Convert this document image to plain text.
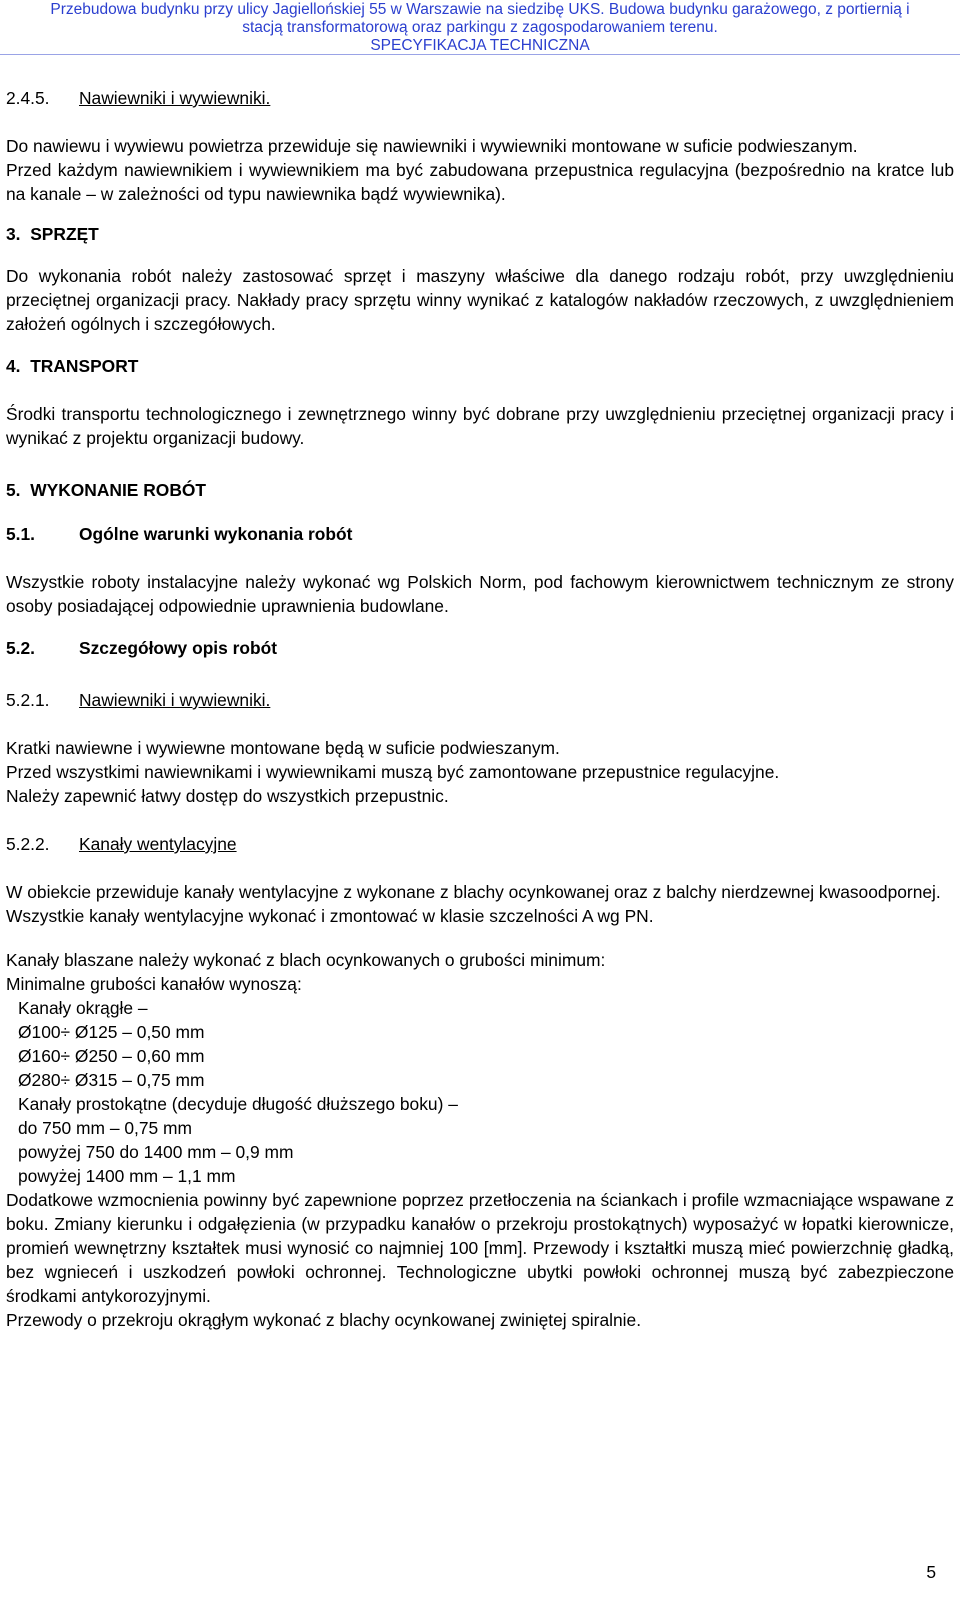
Przebudowa budynku przy ulicy Jagiellońskiej 55 w Warszawie na siedzibę UKS. Budowa budynku garażowego, z portiernią i
stacją transformatorową oraz parkingu z zagospodarowaniem terenu.
SPECYFIKACJA TECHNICZNA

2.4.5. Nawiewniki i wywiewniki.

Do nawiewu i wywiewu powietrza przewiduje się nawiewniki i wywiewniki montowane w suficie podwieszanym.

Przed każdym nawiewnikiem i wywiewnikiem ma być zabudowana przepustnica regulacyjna (bezpośrednio na kratce lub na kanale – w zależności od typu nawiewnika bądź wywiewnika).

3. SPRZĘT

Do wykonania robót należy zastosować sprzęt i maszyny właściwe dla danego rodzaju robót, przy uwzględnieniu przeciętnej organizacji pracy. Nakłady pracy sprzętu winny wynikać z katalogów nakładów rzeczowych, z uwzględnieniem założeń ogólnych i szczegółowych.

4. TRANSPORT

Środki transportu technologicznego i zewnętrznego winny być dobrane przy uwzględnieniu przeciętnej organizacji pracy i wynikać z projektu organizacji budowy.

5. WYKONANIE ROBÓT

5.1.	Ogólne warunki wykonania robót

Wszystkie roboty instalacyjne należy wykonać wg Polskich Norm, pod fachowym kierownictwem technicznym ze strony osoby posiadającej odpowiednie uprawnienia budowlane.

5.2.	Szczegółowy opis robót

5.2.1. Nawiewniki i wywiewniki.

Kratki nawiewne i wywiewne montowane będą w suficie podwieszanym.

Przed wszystkimi nawiewnikami i wywiewnikami muszą być zamontowane przepustnice regulacyjne.

Należy zapewnić łatwy dostęp do wszystkich przepustnic.

5.2.2. Kanały wentylacyjne

W obiekcie przewiduje kanały wentylacyjne z wykonane z blachy ocynkowanej oraz z balchy nierdzewnej kwasoodpornej.

Wszystkie kanały wentylacyjne wykonać i zmontować w klasie szczelności A wg PN.

Kanały blaszane należy wykonać z blach ocynkowanych o grubości minimum:

Minimalne grubości kanałów wynoszą:

Kanały okrągłe –

Ø100÷ Ø125 – 0,50 mm

Ø160÷ Ø250 – 0,60 mm

Ø280÷ Ø315 – 0,75 mm

Kanały prostokątne (decyduje długość dłuższego boku) –

do 750 mm – 0,75 mm

powyżej 750 do 1400 mm – 0,9 mm

powyżej 1400 mm – 1,1 mm

Dodatkowe wzmocnienia powinny być zapewnione poprzez przetłoczenia na ściankach i profile wzmacniające wspawane z boku. Zmiany kierunku i odgałęzienia (w przypadku kanałów o przekroju prostokątnych) wyposażyć w łopatki kierownicze, promień wewnętrzny kształtek musi wynosić co najmniej 100 [mm]. Przewody i kształtki muszą mieć powierzchnię gładką, bez wgnieceń i uszkodzeń powłoki ochronnej. Technologiczne ubytki powłoki ochronnej muszą być zabezpieczone środkami antykorozyjnymi.

Przewody o przekroju okrągłym wykonać z blachy ocynkowanej zwiniętej spiralnie.

5
